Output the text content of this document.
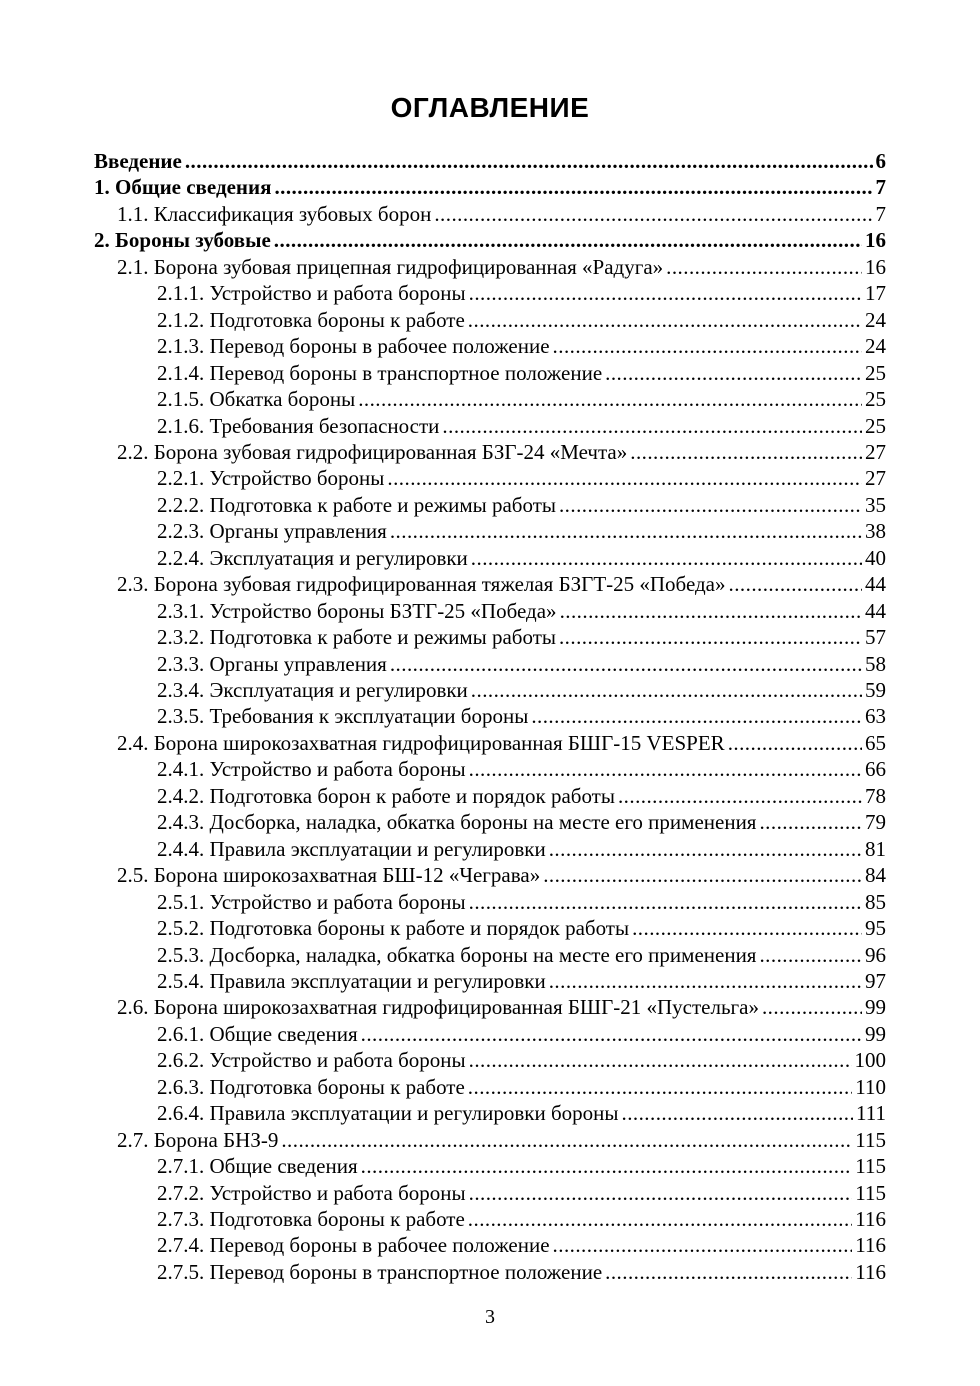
ОГЛАВЛЕНИЕ
Введение . . .	6
1. Общие сведения . . .	7
1.1. Классификация зубовых борон . . .	7
2. Бороны зубовые . . .	16
2.1. Борона зубовая прицепная гидрофицированная «Радуга» . . .	16
2.1.1. Устройство и работа бороны . . .	17
2.1.2. Подготовка бороны к работе . . .	24
2.1.3. Перевод бороны в рабочее положение . . .	24
2.1.4. Перевод бороны в транспортное положение . . .	25
2.1.5. Обкатка бороны . . .	25
2.1.6. Требования безопасности . . .	25
2.2. Борона зубовая гидрофицированная БЗГ-24 «Мечта» . . .	27
2.2.1. Устройство бороны . . .	27
2.2.2. Подготовка к работе и режимы работы . . .	35
2.2.3. Органы управления . . .	38
2.2.4. Эксплуатация и регулировки . . .	40
2.3. Борона зубовая гидрофицированная тяжелая БЗГТ-25 «Победа» . . .	44
2.3.1. Устройство бороны БЗТГ-25 «Победа» . . .	44
2.3.2. Подготовка к работе и режимы работы . . .	57
2.3.3. Органы управления . . .	58
2.3.4. Эксплуатация и регулировки . . .	59
2.3.5. Требования к эксплуатации бороны . . .	63
2.4. Борона широкозахватная гидрофицированная БШГ-15 VESPER . . .	65
2.4.1. Устройство и работа бороны . . .	66
2.4.2. Подготовка борон к работе и порядок работы . . .	78
2.4.3. Досборка, наладка, обкатка бороны на месте его применения . . .	79
2.4.4. Правила эксплуатации и регулировки . . .	81
2.5. Борона широкозахватная БШ-12 «Чеграва» . . .	84
2.5.1. Устройство и работа бороны . . .	85
2.5.2. Подготовка бороны к работе и порядок работы . . .	95
2.5.3. Досборка, наладка, обкатка бороны на месте его применения . . .	96
2.5.4. Правила эксплуатации и регулировки . . .	97
2.6. Борона широкозахватная гидрофицированная БШГ-21 «Пустельга» . . .	99
2.6.1. Общие сведения . . .	99
2.6.2. Устройство и работа бороны . . .	100
2.6.3. Подготовка бороны к работе . . .	110
2.6.4. Правила эксплуатации и регулировки бороны . . .	111
2.7. Борона БНЗ-9 . . .	115
2.7.1. Общие сведения . . .	115
2.7.2. Устройство и работа бороны . . .	115
2.7.3. Подготовка бороны к работе . . .	116
2.7.4. Перевод бороны в рабочее положение . . .	116
2.7.5. Перевод бороны в транспортное положение . . .	116
3
